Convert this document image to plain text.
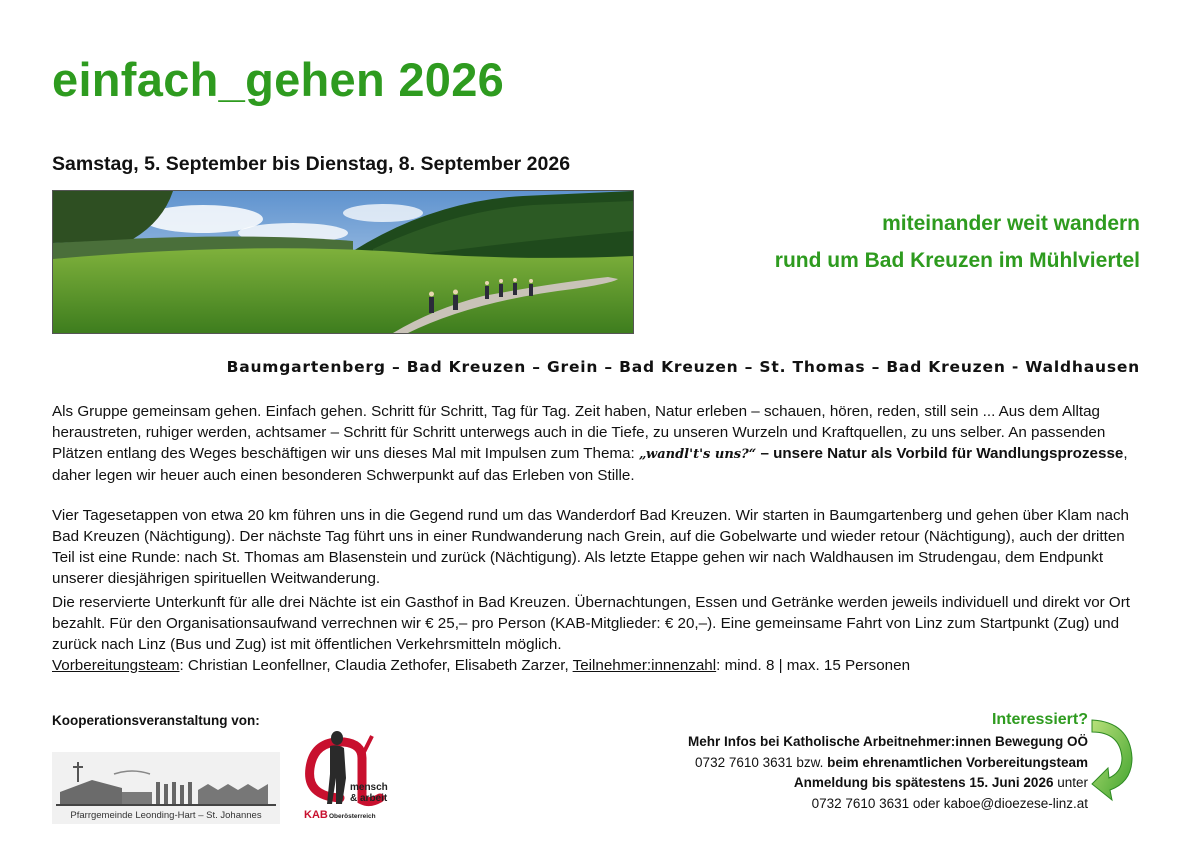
einfach_gehen 2026
Samstag, 5. September bis Dienstag, 8. September 2026
miteinander weit wandern
rund um Bad Kreuzen im Mühlviertel
Baumgartenberg – Bad Kreuzen – Grein – Bad Kreuzen – St. Thomas – Bad Kreuzen - Waldhausen

Als Gruppe gemeinsam gehen. Einfach gehen. Schritt für Schritt, Tag für Tag. Zeit haben, Natur erleben – schauen, hören, reden, still sein ... Aus dem Alltag heraustreten, ruhiger werden, achtsamer – Schritt für Schritt unterwegs auch in die Tiefe, zu unseren Wurzeln und Kraftquellen, zu uns selber. An passenden Plätzen entlang des Weges beschäftigen wir uns dieses Mal mit Impulsen zum Thema: „wandl't's uns?“ – unsere Natur als Vorbild für Wandlungsprozesse, daher legen wir heuer auch einen besonderen Schwerpunkt auf das Erleben von Stille.

Vier Tagesetappen von etwa 20 km führen uns in die Gegend rund um das Wanderdorf Bad Kreuzen. Wir starten in Baumgartenberg und gehen über Klam nach Bad Kreuzen (Nächtigung). Der nächste Tag führt uns in einer Rundwanderung nach Grein, auf die Gobelwarte und wieder retour (Nächtigung), auch der dritten Teil ist eine Runde: nach St. Thomas am Blasenstein und zurück (Nächtigung). Als letzte Etappe gehen wir nach Waldhausen im Strudengau, dem Endpunkt unserer diesjährigen spirituellen Weitwanderung.

Die reservierte Unterkunft für alle drei Nächte ist ein Gasthof in Bad Kreuzen. Übernachtungen, Essen und Getränke werden jeweils individuell und direkt vor Ort bezahlt. Für den Organisationsaufwand verrechnen wir € 25,– pro Person (KAB-Mitglieder: € 20,–). Eine gemeinsame Fahrt von Linz zum Startpunkt (Zug) und zurück nach Linz (Bus und Zug) ist mit öffentlichen Verkehrsmitteln möglich.
Vorbereitungsteam: Christian Leonfellner, Claudia Zethofer, Elisabeth Zarzer, Teilnehmer:innenzahl: mind. 8 | max. 15 Personen

Kooperationsveranstaltung von:
Pfarrgemeinde Leonding-Hart – St. Johannes
mensch
& arbeit
KAB Oberösterreich
Interessiert?
Mehr Infos bei Katholische Arbeitnehmer:innen Bewegung OÖ
0732 7610 3631 bzw. beim ehrenamtlichen Vorbereitungsteam
Anmeldung bis spätestens 15. Juni 2026 unter
0732 7610 3631 oder kaboe@dioezese-linz.at
